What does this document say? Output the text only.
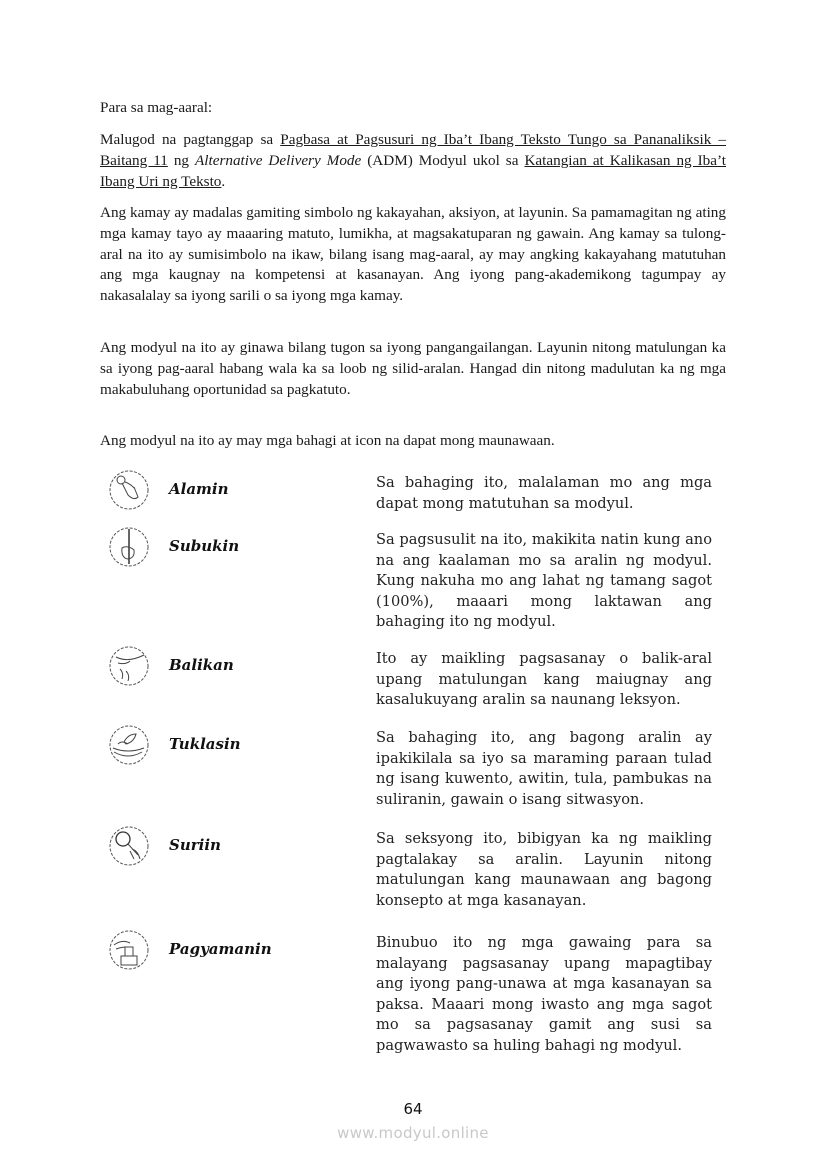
Para sa mag-aaral:
Malugod na pagtanggap sa Pagbasa at Pagsusuri ng Iba’t Ibang Teksto Tungo sa Pananaliksik – Baitang 11 ng Alternative Delivery Mode (ADM) Modyul ukol sa Katangian at Kalikasan ng Iba’t Ibang Uri ng Teksto.
Ang kamay ay madalas gamiting simbolo ng kakayahan, aksiyon, at layunin. Sa pamamagitan ng ating mga kamay tayo ay maaaring matuto, lumikha, at magsakatuparan ng gawain. Ang kamay sa tulong-aral na ito ay sumisimbolo na ikaw, bilang isang mag-aaral, ay may angking kakayahang matutuhan ang mga kaugnay na kompetensi at kasanayan. Ang iyong pang-akademikong tagumpay ay nakasalalay sa iyong sarili o sa iyong mga kamay.
Ang modyul na ito ay ginawa bilang tugon sa iyong pangangailangan. Layunin nitong matulungan ka sa iyong pag-aaral habang wala ka sa loob ng silid-aralan. Hangad din nitong madulutan ka ng mga makabuluhang oportunidad sa pagkatuto.
Ang modyul na ito ay may mga bahagi at icon na dapat mong maunawaan.
Alamin	Sa bahaging ito, malalaman mo ang mga dapat mong matutuhan sa modyul.
Subukin	Sa pagsusulit na ito, makikita natin kung ano na ang kaalaman mo sa aralin ng modyul. Kung nakuha mo ang lahat ng tamang sagot (100%), maaari mong laktawan ang bahaging ito ng modyul.
Balikan	Ito ay maikling pagsasanay o balik-aral upang matulungan kang maiugnay ang kasalukuyang aralin sa naunang leksyon.
Tuklasin	Sa bahaging ito, ang bagong aralin ay ipakikilala sa iyo sa maraming paraan tulad ng isang kuwento, awitin, tula, pambukas na suliranin, gawain o isang sitwasyon.
Suriin	Sa seksyong ito, bibigyan ka ng maikling pagtalakay sa aralin. Layunin nitong matulungan kang maunawaan ang bagong konsepto at mga kasanayan.
Pagyamanin	Binubuo ito ng mga gawaing para sa malayang pagsasanay upang mapagtibay ang iyong pang-unawa at mga kasanayan sa paksa. Maaari mong iwasto ang mga sagot mo sa pagsasanay gamit ang susi sa pagwawasto sa huling bahagi ng modyul.
64
www.modyul.online
